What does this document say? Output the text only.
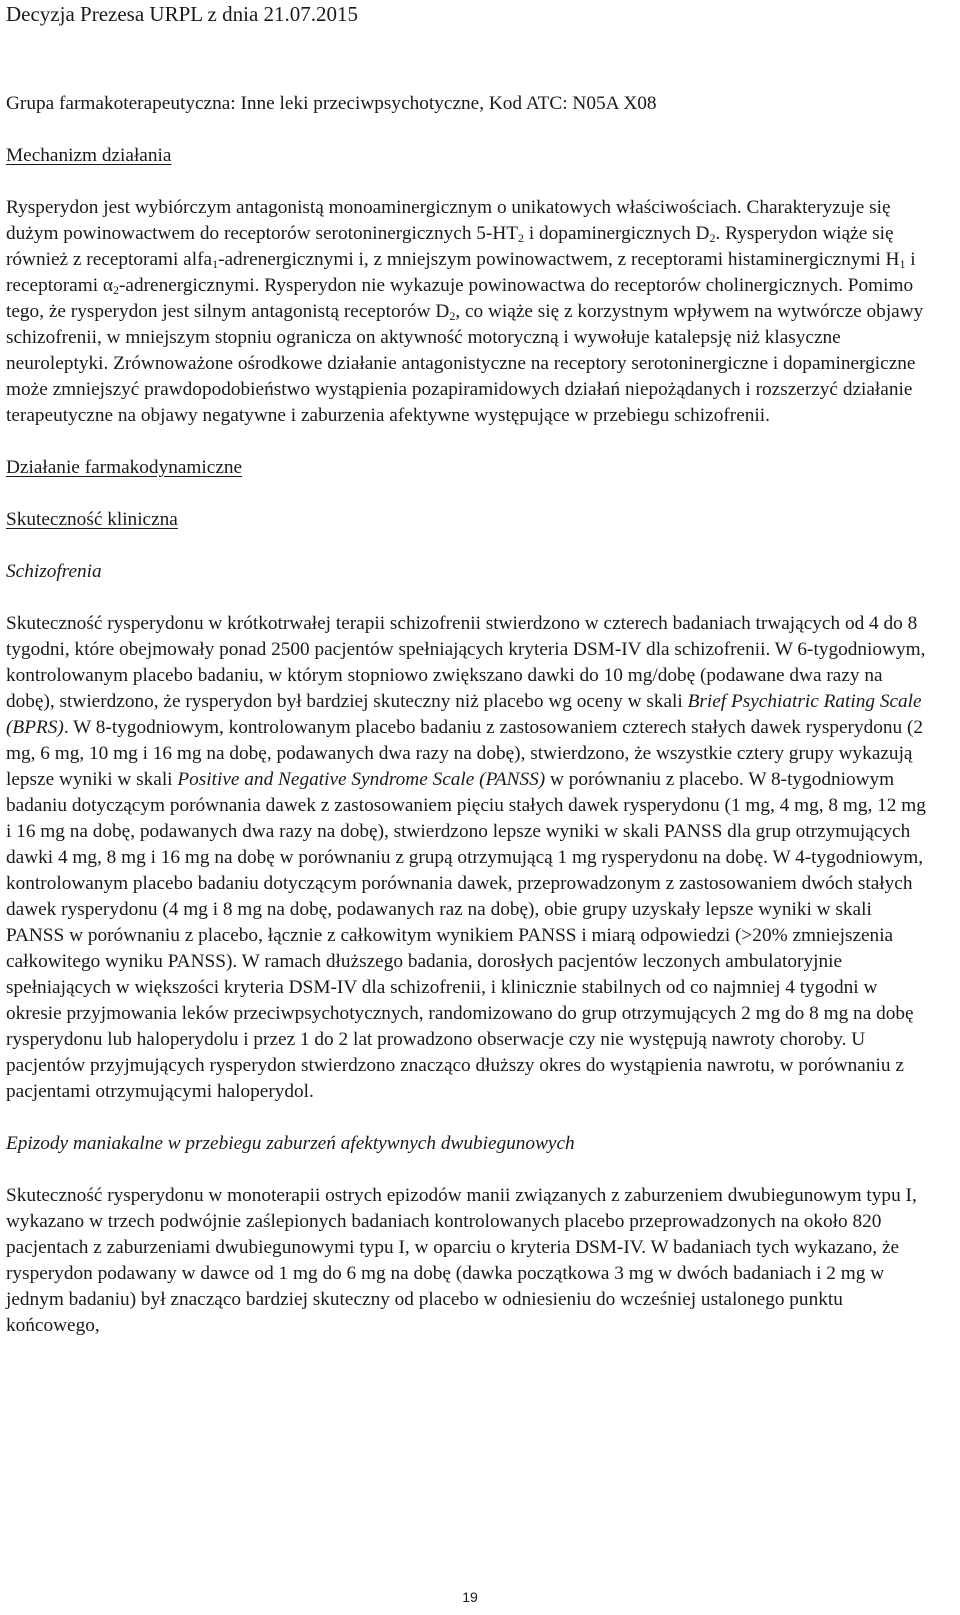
Decyzja Prezesa URPL z dnia 21.07.2015

Grupa farmakoterapeutyczna: Inne leki przeciwpsychotyczne, Kod ATC: N05A X08

Mechanizm działania

Rysperydon jest wybiórczym antagonistą monoaminergicznym o unikatowych właściwościach. Charakteryzuje się dużym powinowactwem do receptorów serotoninergicznych $5-HT_2$ i dopaminergicznych $D_2$. Rysperydon wiąże się również z receptorami alfa$_1$-adrenergicznymi i, z mniejszym powinowactwem, z receptorami histaminergicznymi $H_1$ i receptorami $\alpha_2$-adrenergicznymi. Rysperydon nie wykazuje powinowactwa do receptorów cholinergicznych. Pomimo tego, że rysperydon jest silnym antagonistą receptorów $D_2$, co wiąże się z korzystnym wpływem na wytwórcze objawy schizofrenii, w mniejszym stopniu ogranicza on aktywność motoryczną i wywołuje katalepsję niż klasyczne neuroleptyki. Zrównoważone ośrodkowe działanie antagonistyczne na receptory serotoninergiczne i dopaminergiczne może zmniejszyć prawdopodobieństwo wystąpienia pozapiramidowych działań niepożądanych i rozszerzyć działanie terapeutyczne na objawy negatywne i zaburzenia afektywne występujące w przebiegu schizofrenii.

Działanie farmakodynamiczne

Skuteczność kliniczna

Schizofrenia

Skuteczność rysperydonu w krótkotrwałej terapii schizofrenii stwierdzono w czterech badaniach trwających od 4 do 8 tygodni, które obejmowały ponad 2500 pacjentów spełniających kryteria DSM-IV dla schizofrenii. W 6-tygodniowym, kontrolowanym placebo badaniu, w którym stopniowo zwiększano dawki do 10 mg/dobę (podawane dwa razy na dobę), stwierdzono, że rysperydon był bardziej skuteczny niż placebo wg oceny w skali Brief Psychiatric Rating Scale (BPRS). W 8-tygodniowym, kontrolowanym placebo badaniu z zastosowaniem czterech stałych dawek rysperydonu (2 mg, 6 mg, 10 mg i 16 mg na dobę, podawanych dwa razy na dobę), stwierdzono, że wszystkie cztery grupy wykazują lepsze wyniki w skali Positive and Negative Syndrome Scale (PANSS) w porównaniu z placebo. W 8-tygodniowym badaniu dotyczącym porównania dawek z zastosowaniem pięciu stałych dawek rysperydonu (1 mg, 4 mg, 8 mg, 12 mg i 16 mg na dobę, podawanych dwa razy na dobę), stwierdzono lepsze wyniki w skali PANSS dla grup otrzymujących dawki 4 mg, 8 mg i 16 mg na dobę w porównaniu z grupą otrzymującą 1 mg rysperydonu na dobę. W 4-tygodniowym, kontrolowanym placebo badaniu dotyczącym porównania dawek, przeprowadzonym z zastosowaniem dwóch stałych dawek rysperydonu (4 mg i 8 mg na dobę, podawanych raz na dobę), obie grupy uzyskały lepsze wyniki w skali PANSS w porównaniu z placebo, łącznie z całkowitym wynikiem PANSS i miarą odpowiedzi (>20% zmniejszenia całkowitego wyniku PANSS). W ramach dłuższego badania, dorosłych pacjentów leczonych ambulatoryjnie spełniających w większości kryteria DSM-IV dla schizofrenii, i klinicznie stabilnych od co najmniej 4 tygodni w okresie przyjmowania leków przeciwpsychotycznych, randomizowano do grup otrzymujących 2 mg do 8 mg na dobę rysperydonu lub haloperydolu i przez 1 do 2 lat prowadzono obserwacje czy nie występują nawroty choroby. U pacjentów przyjmujących rysperydon stwierdzono znacząco dłuższy okres do wystąpienia nawrotu, w porównaniu z pacjentami otrzymującymi haloperydol.

Epizody maniakalne w przebiegu zaburzeń afektywnych dwubiegunowych

Skuteczność rysperydonu w monoterapii ostrych epizodów manii związanych z zaburzeniem dwubiegunowym typu I, wykazano w trzech podwójnie zaślepionych badaniach kontrolowanych placebo przeprowadzonych na około 820 pacjentach z zaburzeniami dwubiegunowymi typu I, w oparciu o kryteria DSM-IV. W badaniach tych wykazano, że rysperydon podawany w dawce od 1 mg do 6 mg na dobę (dawka początkowa 3 mg w dwóch badaniach i 2 mg w jednym badaniu) był znacząco bardziej skuteczny od placebo w odniesieniu do wcześniej ustalonego punktu końcowego,

19
